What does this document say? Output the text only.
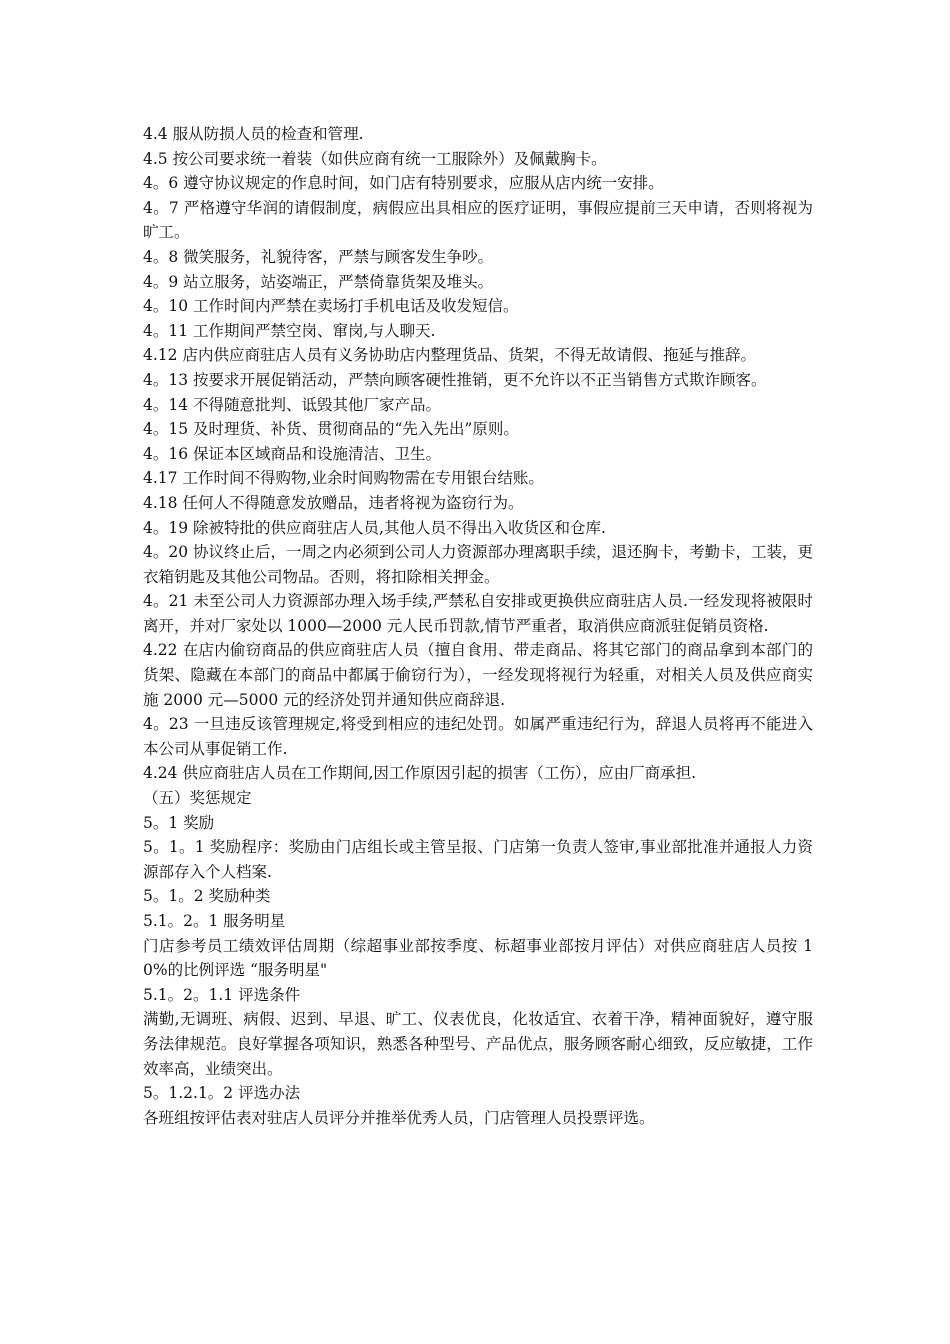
4.4 服从防损人员的检查和管理.

4.5 按公司要求统一着装（如供应商有统一工服除外）及佩戴胸卡。

4。6 遵守协议规定的作息时间，如门店有特别要求，应服从店内统一安排。

4。7 严格遵守华润的请假制度，病假应出具相应的医疗证明，事假应提前三天申请，否则将视为旷工。

4。8 微笑服务，礼貌待客，严禁与顾客发生争吵。

4。9 站立服务，站姿端正，严禁倚靠货架及堆头。

4。10 工作时间内严禁在卖场打手机电话及收发短信。

4。11 工作期间严禁空岗、窜岗,与人聊天.

4.12 店内供应商驻店人员有义务协助店内整理货品、货架，不得无故请假、拖延与推辞。

4。13 按要求开展促销活动，严禁向顾客硬性推销，更不允许以不正当销售方式欺诈顾客。

4。14 不得随意批判、诋毁其他厂家产品。

4。15 及时理货、补货、贯彻商品的“先入先出”原则。

4。16 保证本区域商品和设施清洁、卫生。

4.17 工作时间不得购物,业余时间购物需在专用银台结账。

4.18 任何人不得随意发放赠品，违者将视为盗窃行为。

4。19 除被特批的供应商驻店人员,其他人员不得出入收货区和仓库.

4。20 协议终止后，一周之内必须到公司人力资源部办理离职手续，退还胸卡，考勤卡，工装，更衣箱钥匙及其他公司物品。否则，将扣除相关押金。

4。21 未至公司人力资源部办理入场手续,严禁私自安排或更换供应商驻店人员.一经发现将被限时离开，并对厂家处以 1000—2000 元人民币罚款,情节严重者，取消供应商派驻促销员资格.

4.22 在店内偷窃商品的供应商驻店人员（擅自食用、带走商品、将其它部门的商品拿到本部门的货架、隐藏在本部门的商品中都属于偷窃行为），一经发现将视行为轻重，对相关人员及供应商实施 2000 元—5000 元的经济处罚并通知供应商辞退.

4。23 一旦违反该管理规定,将受到相应的违纪处罚。如属严重违纪行为，辞退人员将再不能进入本公司从事促销工作.

4.24 供应商驻店人员在工作期间,因工作原因引起的损害（工伤），应由厂商承担.

（五）奖惩规定

5。1 奖励

5。1。1 奖励程序：奖励由门店组长或主管呈报、门店第一负责人签审,事业部批准并通报人力资源部存入个人档案.

5。1。2 奖励种类

5.1。2。1 服务明星

门店参考员工绩效评估周期（综超事业部按季度、标超事业部按月评估）对供应商驻店人员按 10%的比例评选 “服务明星"

5.1。2。1.1 评选条件

满勤,无调班、病假、迟到、早退、旷工、仪表优良，化妆适宜、衣着干净，精神面貌好，遵守服务法律规范。良好掌握各项知识，熟悉各种型号、产品优点，服务顾客耐心细致，反应敏捷，工作效率高，业绩突出。

5。1.2.1。2 评选办法

各班组按评估表对驻店人员评分并推举优秀人员，门店管理人员投票评选。
